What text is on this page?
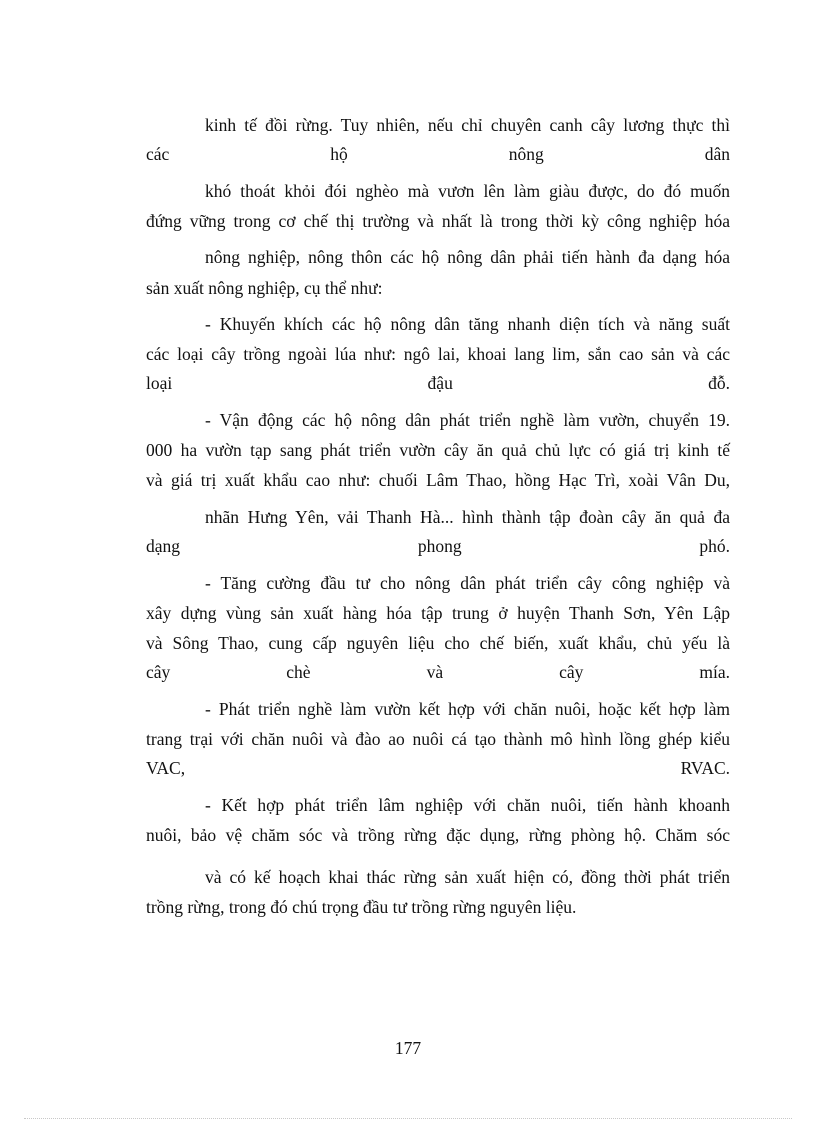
kinh tế đồi rừng. Tuy nhiên, nếu chỉ chuyên canh cây lương thực thì
các hộ nông dân
khó thoát khỏi đói nghèo mà vươn lên làm giàu được, do đó muốn
đứng vững trong cơ chế thị trường và nhất là trong thời kỳ công nghiệp hóa
nông nghiệp, nông thôn các hộ nông dân phải tiến hành đa dạng hóa
sản xuất nông nghiệp, cụ thể như:
- Khuyến khích các hộ nông dân tăng nhanh diện tích và năng suất
các loại cây trồng ngoài lúa như: ngô lai, khoai lang lim, sắn cao sản và các
loại đậu đỗ.
- Vận động các hộ nông dân phát triển nghề làm vườn, chuyển 19.
000 ha vườn tạp sang phát triển vườn cây ăn quả chủ lực có giá trị kinh tế
và giá trị xuất khẩu cao như: chuối Lâm Thao, hồng Hạc Trì, xoài Vân Du,
nhãn Hưng Yên, vải Thanh Hà... hình thành tập đoàn cây ăn quả đa
dạng phong phó.
- Tăng cường đầu tư cho nông dân phát triển cây công nghiệp và
xây dựng vùng sản xuất hàng hóa tập trung ở huyện Thanh Sơn, Yên Lập
và Sông Thao, cung cấp nguyên liệu cho chế biến, xuất khẩu, chủ yếu là
cây chè và cây mía.
- Phát triển nghề làm vườn kết hợp với chăn nuôi, hoặc kết hợp làm
trang trại với chăn nuôi và đào ao nuôi cá tạo thành mô hình lồng ghép kiểu
VAC, RVAC.
- Kết hợp phát triển lâm nghiệp với chăn nuôi, tiến hành khoanh
nuôi, bảo vệ chăm sóc và trồng rừng đặc dụng, rừng phòng hộ. Chăm sóc
và có kế hoạch khai thác rừng sản xuất hiện có, đồng thời phát triển
trồng rừng, trong đó chú trọng đầu tư trồng rừng nguyên liệu.
177
